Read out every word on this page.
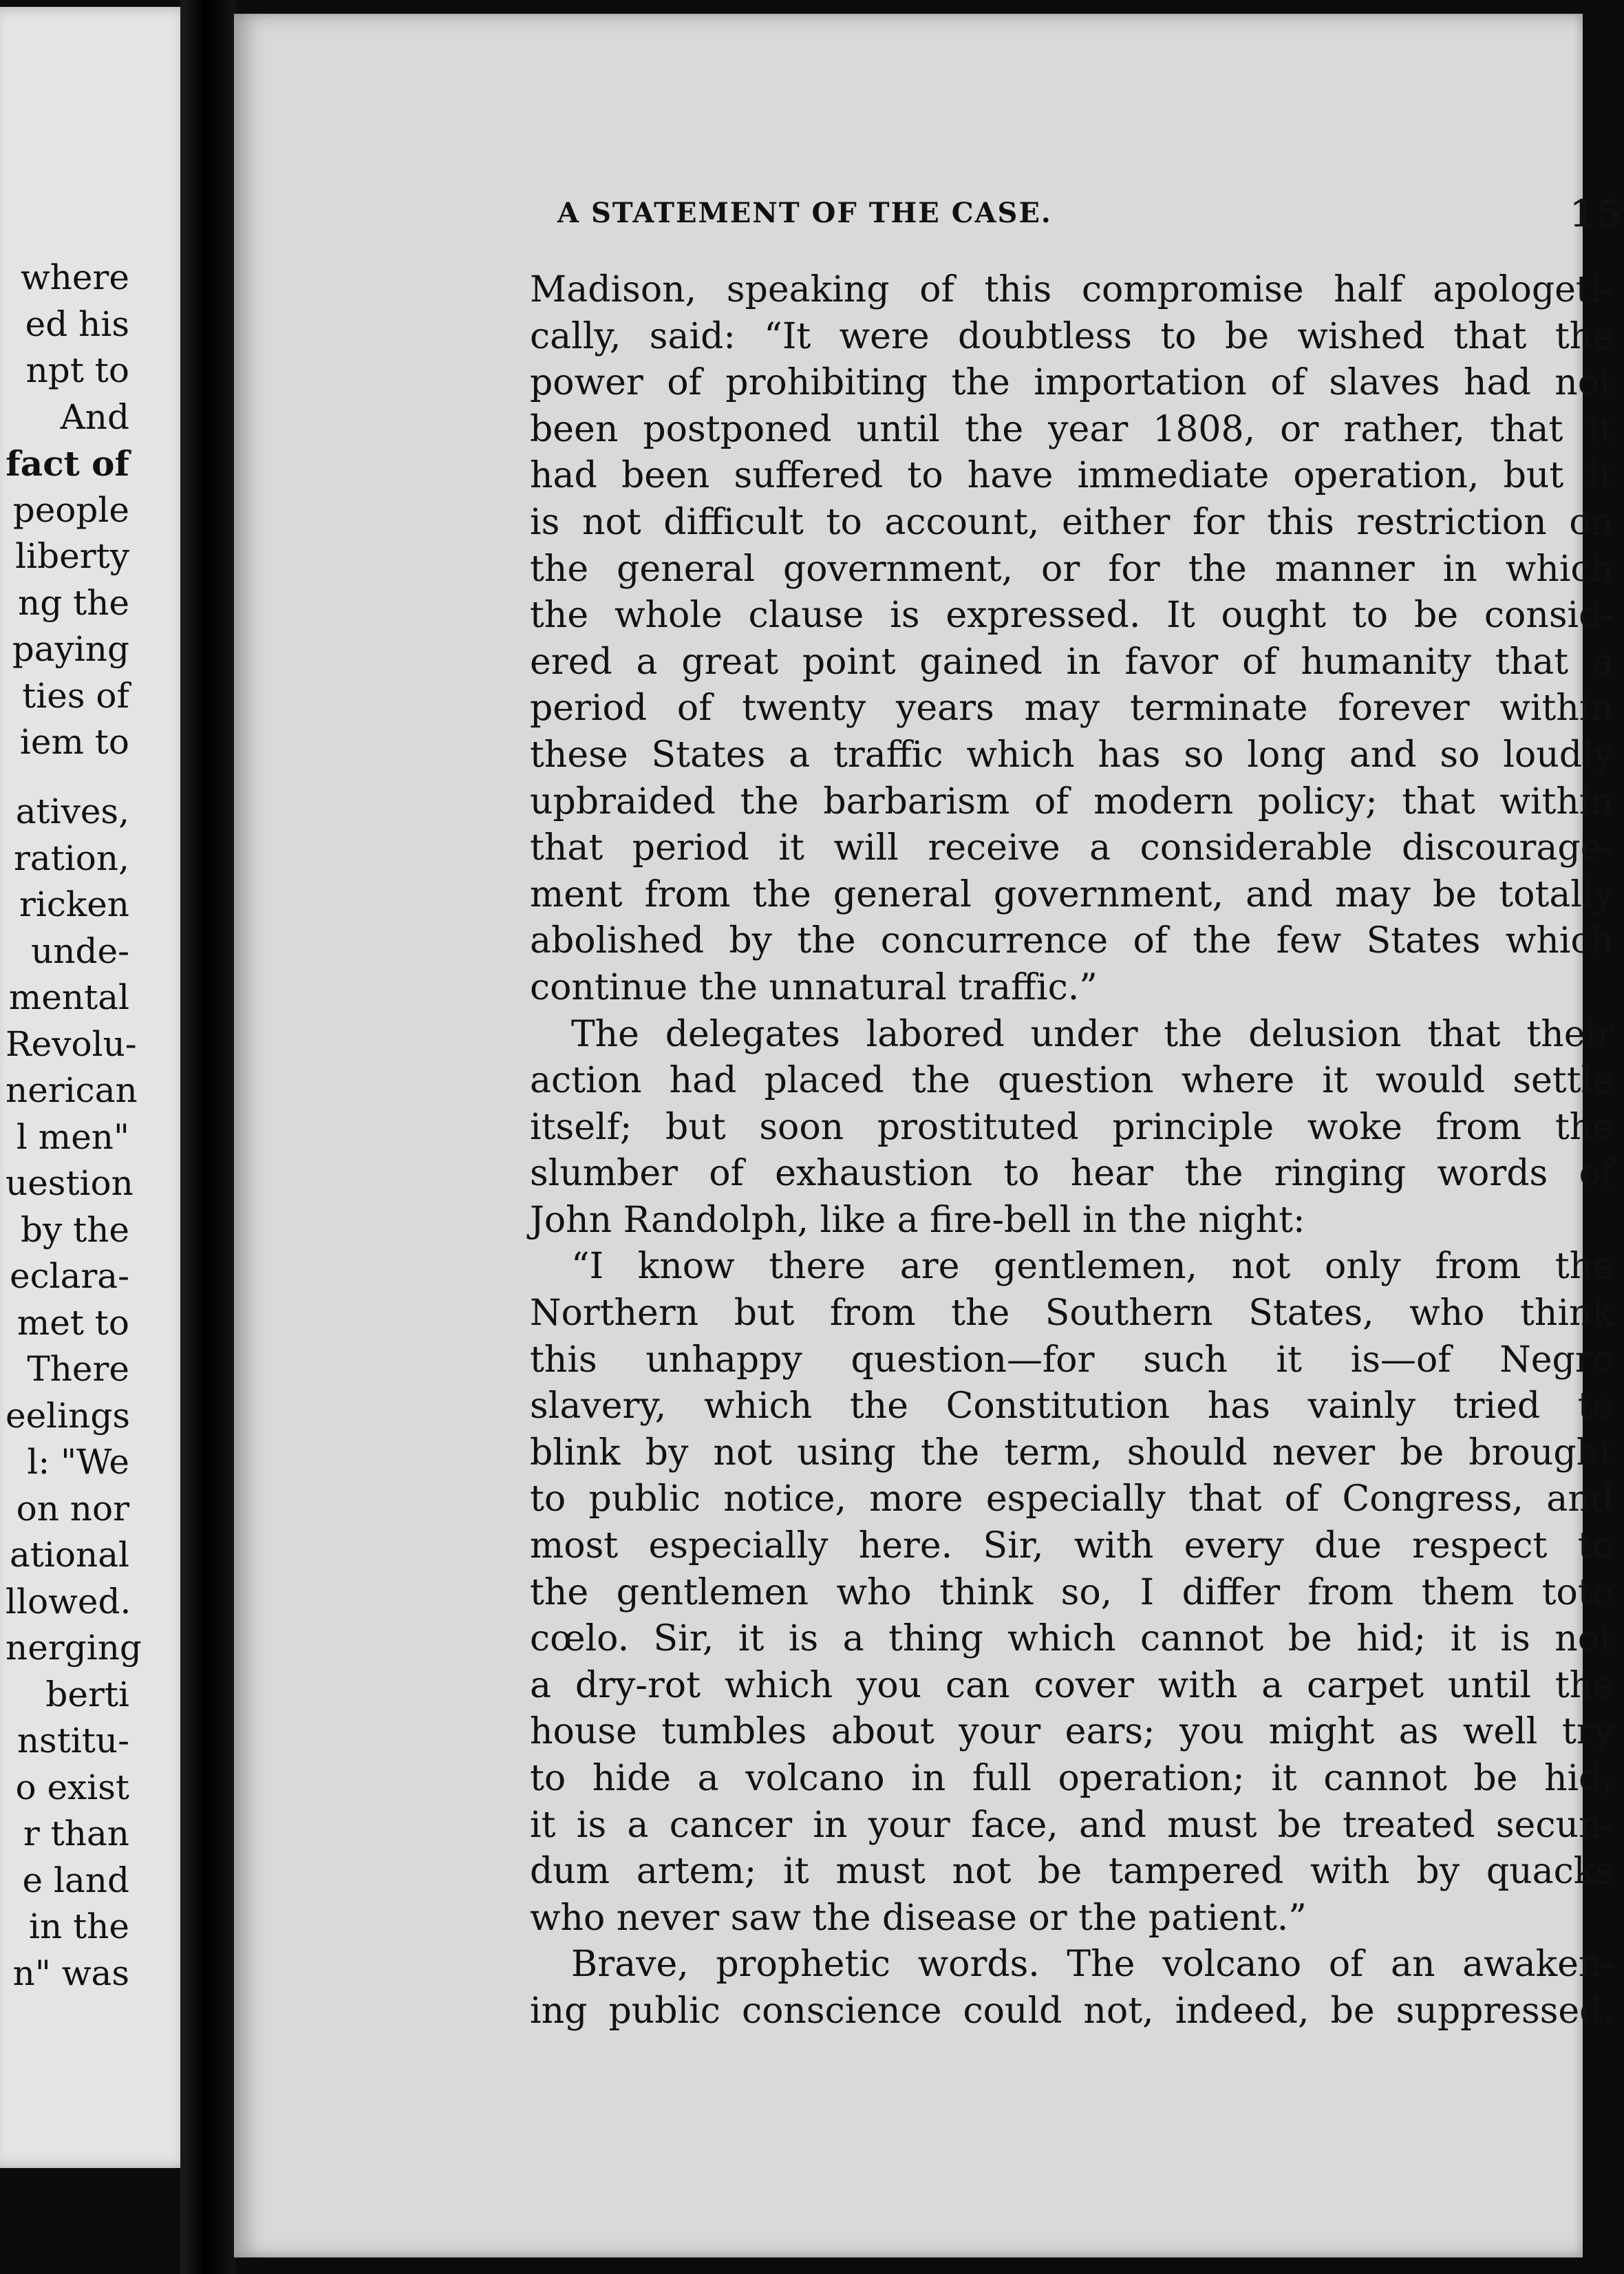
where
ed his
npt to
And
fact of
people
liberty
ng the
paying
ties of
iem to
atives,
ration,
ricken
unde-
mental
Revolu-
nerican
l men"
uestion
by the
eclara-
met to
There
eelings
l: "We
on nor
ational
llowed.
nerging
berti
nstitu-
o exist
r than
e land
in the
n" was
A STATEMENT OF THE CASE.	15
Madison, speaking of this compromise half apologeti-
cally, said: “It were doubtless to be wished that the
power of prohibiting the importation of slaves had not
been postponed until the year 1808, or rather, that it
had been suffered to have immediate operation, but it
is not difficult to account, either for this restriction on
the general government, or for the manner in which
the whole clause is expressed. It ought to be consid-
ered a great point gained in favor of humanity that a
period of twenty years may terminate forever within
these States a traffic which has so long and so loudly
upbraided the barbarism of modern policy; that within
that period it will receive a considerable discourage-
ment from the general government, and may be totally
abolished by the concurrence of the few States which
continue the unnatural traffic.”
The delegates labored under the delusion that their
action had placed the question where it would settle
itself; but soon prostituted principle woke from the
slumber of exhaustion to hear the ringing words of
John Randolph, like a fire-bell in the night:
“I know there are gentlemen, not only from the
Northern but from the Southern States, who think
this unhappy question—for such it is—of Negro
slavery, which the Constitution has vainly tried to
blink by not using the term, should never be brought
to public notice, more especially that of Congress, and
most especially here. Sir, with every due respect to
the gentlemen who think so, I differ from them toto
cœlo. Sir, it is a thing which cannot be hid; it is not
a dry-rot which you can cover with a carpet until the
house tumbles about your ears; you might as well try
to hide a volcano in full operation; it cannot be hid;
it is a cancer in your face, and must be treated secun-
dum artem; it must not be tampered with by quacks
who never saw the disease or the patient.”
Brave, prophetic words. The volcano of an awaken-
ing public conscience could not, indeed, be suppressed.
